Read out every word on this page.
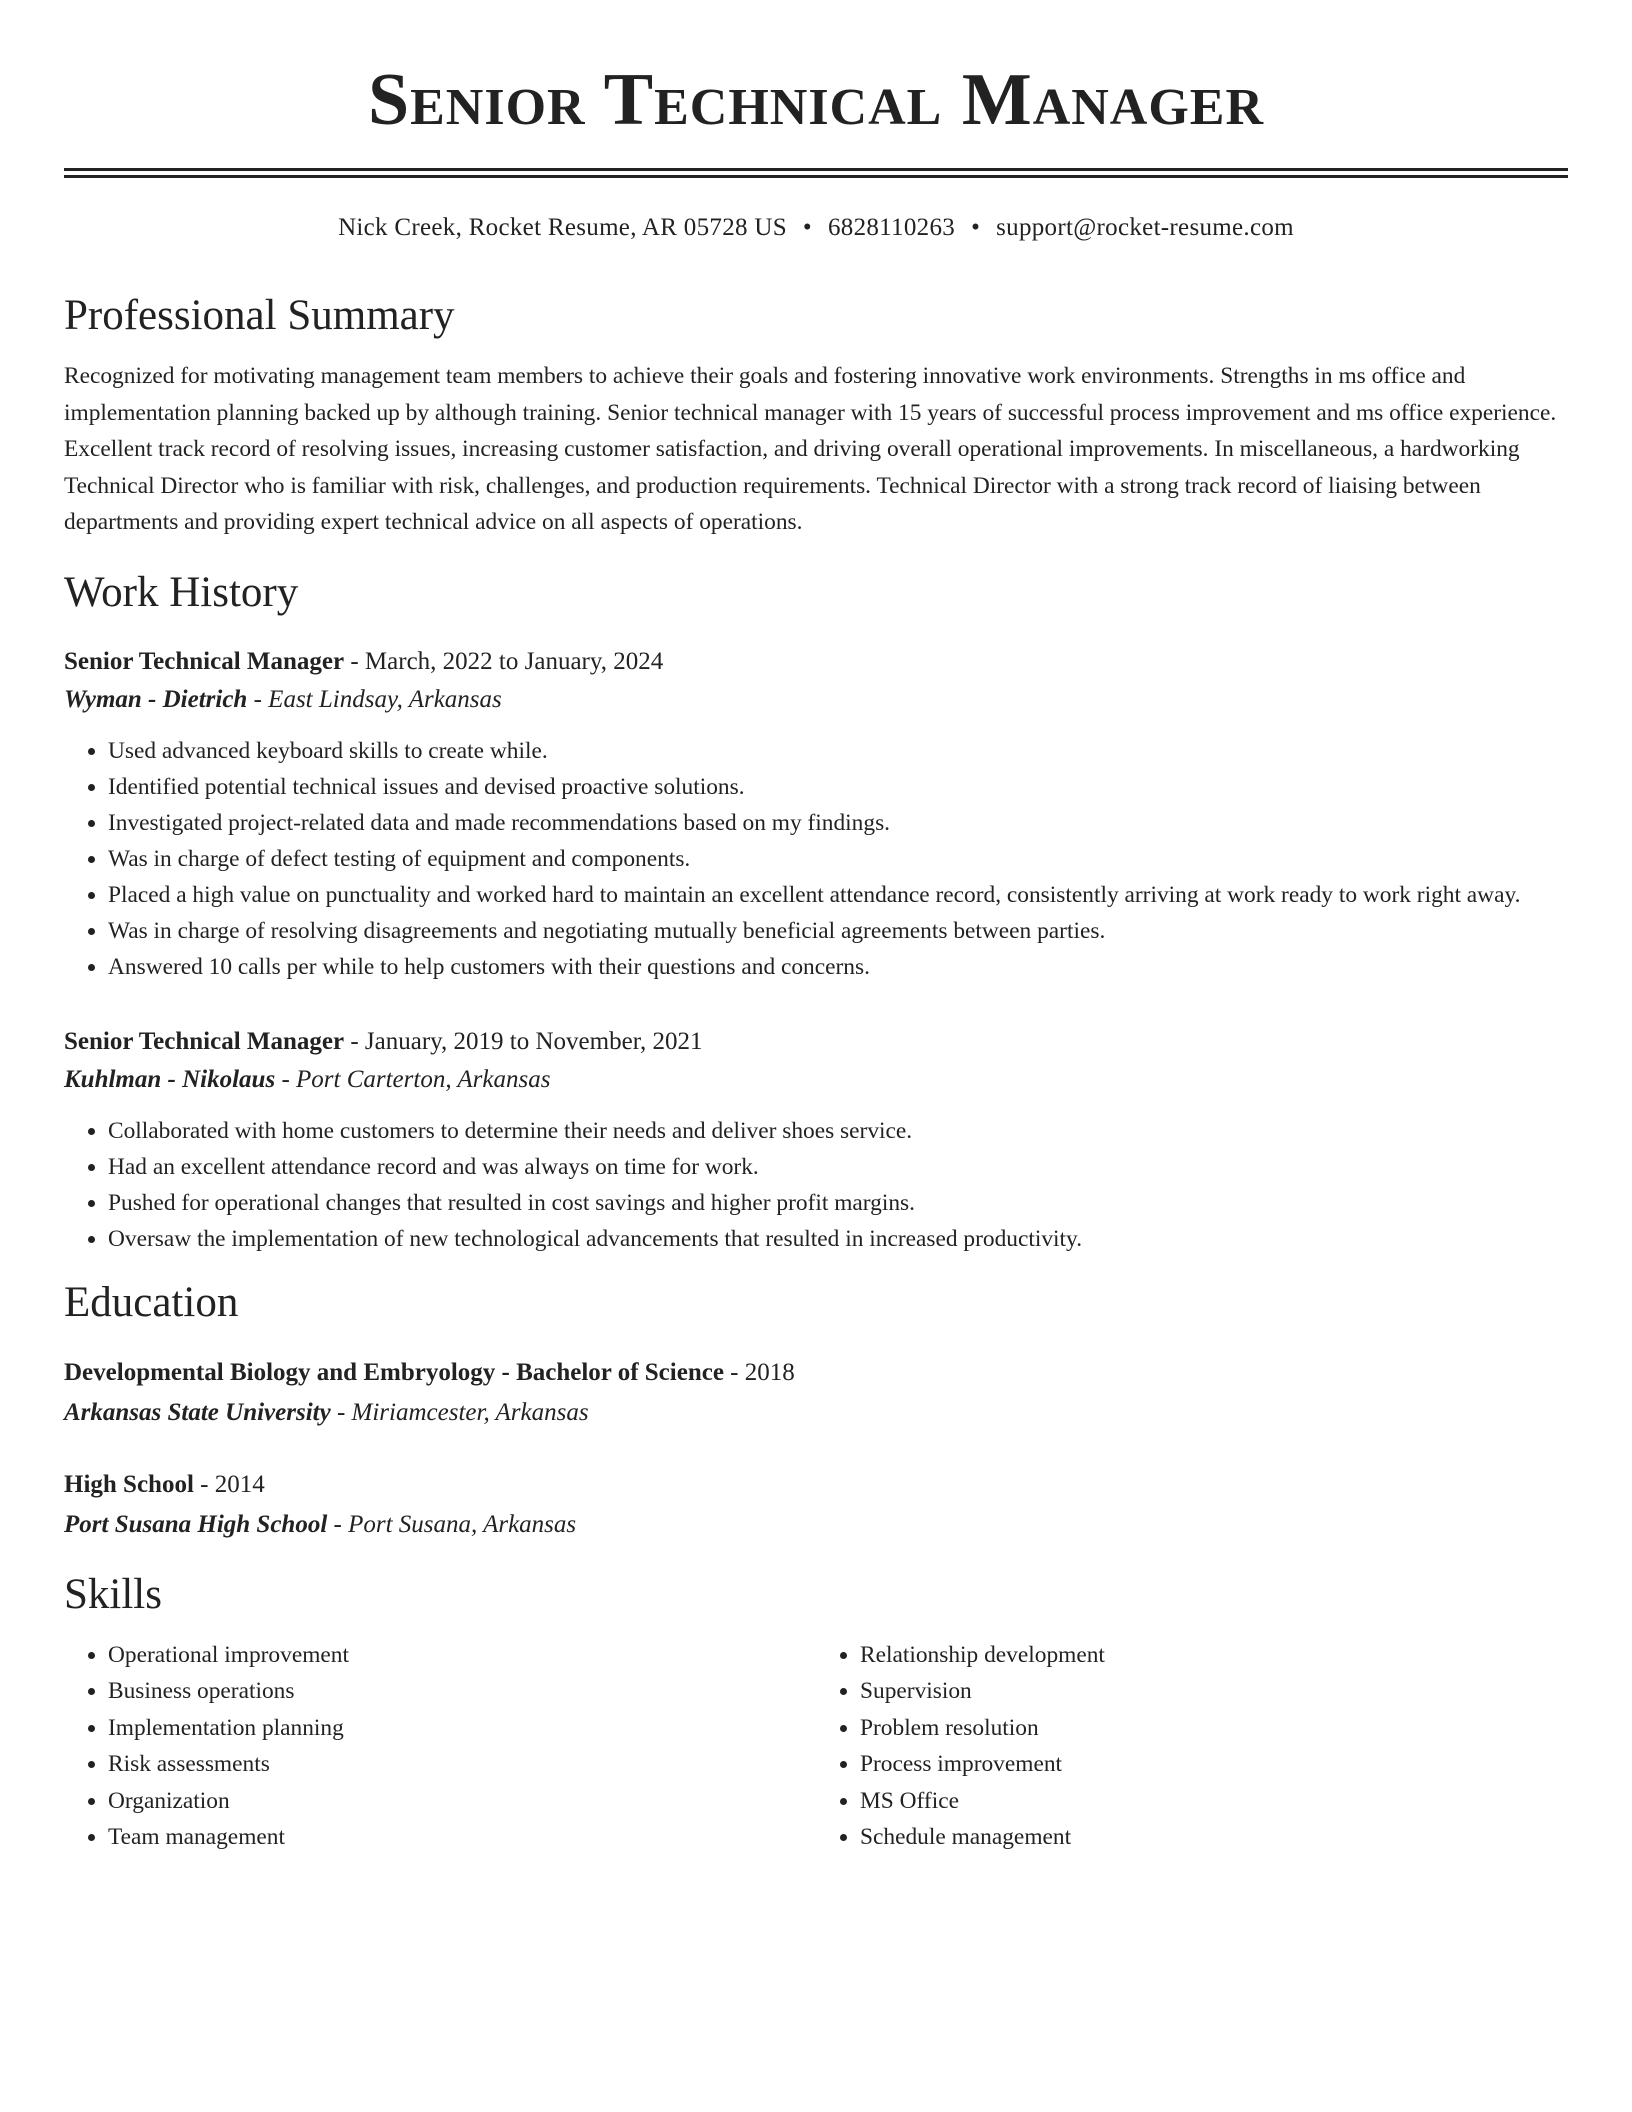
Senior Technical Manager
Nick Creek, Rocket Resume, AR 05728 US • 6828110263 • support@rocket-resume.com
Professional Summary

Recognized for motivating management team members to achieve their goals and fostering innovative work environments. Strengths in ms office and implementation planning backed up by although training. Senior technical manager with 15 years of successful process improvement and ms office experience. Excellent track record of resolving issues, increasing customer satisfaction, and driving overall operational improvements. In miscellaneous, a hardworking Technical Director who is familiar with risk, challenges, and production requirements. Technical Director with a strong track record of liaising between departments and providing expert technical advice on all aspects of operations.

Work History
Senior Technical Manager - March, 2022 to January, 2024
Wyman - Dietrich - East Lindsay, Arkansas
• Used advanced keyboard skills to create while.
• Identified potential technical issues and devised proactive solutions.
• Investigated project-related data and made recommendations based on my findings.
• Was in charge of defect testing of equipment and components.
• Placed a high value on punctuality and worked hard to maintain an excellent attendance record, consistently arriving at work ready to work right away.
• Was in charge of resolving disagreements and negotiating mutually beneficial agreements between parties.
• Answered 10 calls per while to help customers with their questions and concerns.
Senior Technical Manager - January, 2019 to November, 2021
Kuhlman - Nikolaus - Port Carterton, Arkansas
• Collaborated with home customers to determine their needs and deliver shoes service.
• Had an excellent attendance record and was always on time for work.
• Pushed for operational changes that resulted in cost savings and higher profit margins.
• Oversaw the implementation of new technological advancements that resulted in increased productivity.
Education
Developmental Biology and Embryology - Bachelor of Science - 2018
Arkansas State University - Miriamcester, Arkansas
High School - 2014
Port Susana High School - Port Susana, Arkansas
Skills
• Operational improvement
• Business operations
• Implementation planning
• Risk assessments
• Organization
• Team management
• Relationship development
• Supervision
• Problem resolution
• Process improvement
• MS Office
• Schedule management
